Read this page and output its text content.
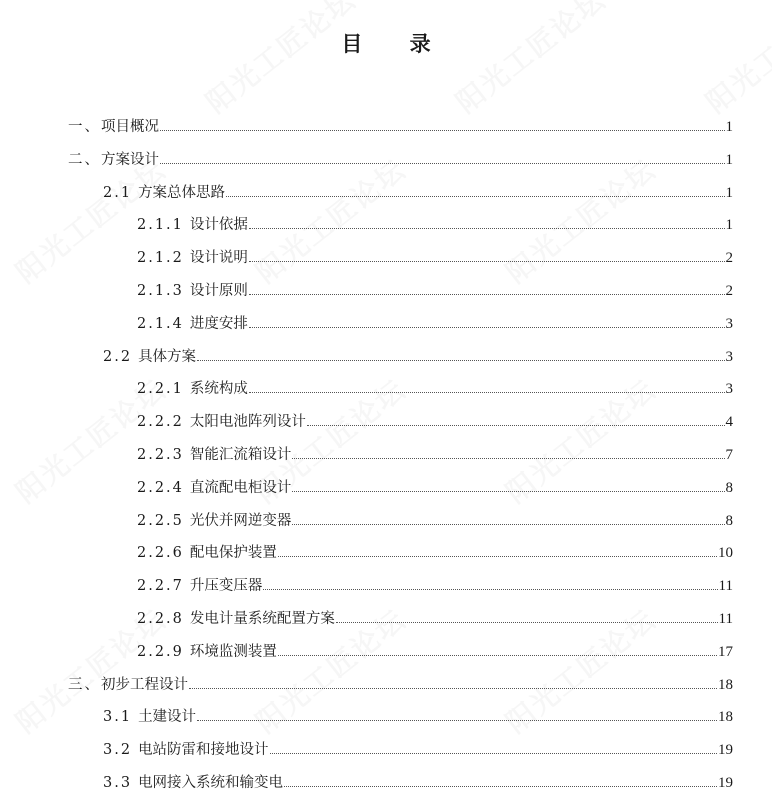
目 录
一、项目概况	1
二、方案设计	1
2.1 方案总体思路	1
2.1.1 设计依据	1
2.1.2 设计说明	2
2.1.3 设计原则	2
2.1.4 进度安排	3
2.2 具体方案	3
2.2.1 系统构成	3
2.2.2 太阳电池阵列设计	4
2.2.3 智能汇流箱设计	7
2.2.4 直流配电柜设计	8
2.2.5 光伏并网逆变器	8
2.2.6 配电保护装置	10
2.2.7 升压变压器	11
2.2.8 发电计量系统配置方案	11
2.2.9 环境监测装置	17
三、初步工程设计	18
3.1 土建设计	18
3.2 电站防雷和接地设计	19
3.3 电网接入系统和输变电	19
